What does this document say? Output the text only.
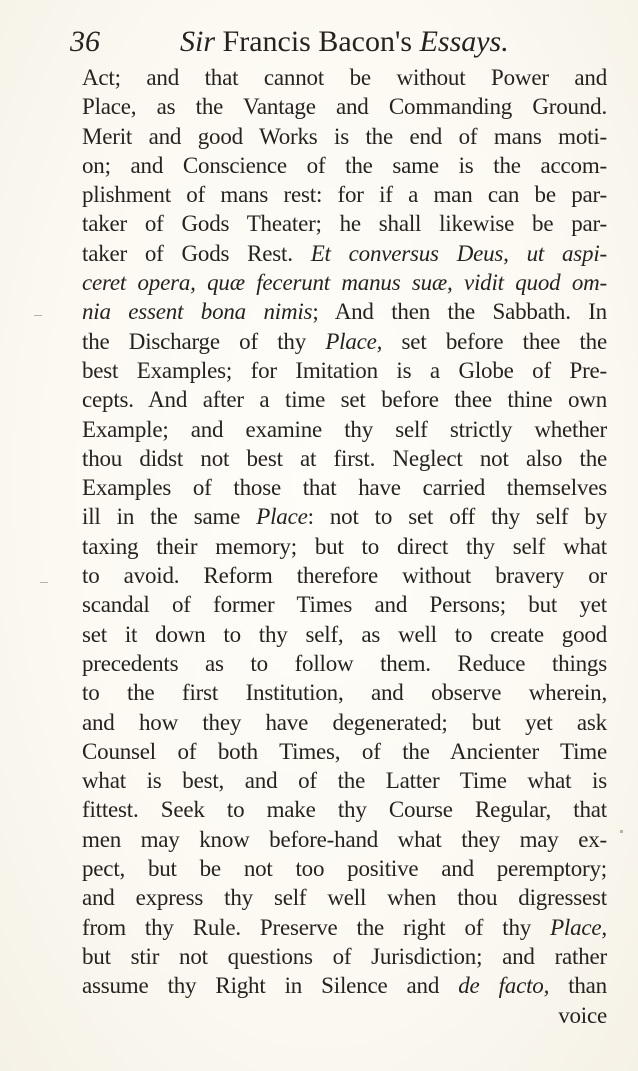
36	Sir Francis Bacon's Essays.
Act; and that cannot be without Power and
Place, as the Vantage and Commanding Ground.
Merit and good Works is the end of mans moti-
on; and Conscience of the same is the accom-
plishment of mans rest: for if a man can be par-
taker of Gods Theater; he shall likewise be par-
taker of Gods Rest. Et conversus Deus, ut aspi-
ceret opera, quæ fecerunt manus suæ, vidit quod om-
nia essent bona nimis; And then the Sabbath. In
the Discharge of thy Place, set before thee the
best Examples; for Imitation is a Globe of Pre-
cepts. And after a time set before thee thine own
Example; and examine thy self strictly whether
thou didst not best at first. Neglect not also the
Examples of those that have carried themselves
ill in the same Place: not to set off thy self by
taxing their memory; but to direct thy self what
to avoid. Reform therefore without bravery or
scandal of former Times and Persons; but yet
set it down to thy self, as well to create good
precedents as to follow them. Reduce things
to the first Institution, and observe wherein,
and how they have degenerated; but yet ask
Counsel of both Times, of the Ancienter Time
what is best, and of the Latter Time what is
fittest. Seek to make thy Course Regular, that
men may know before-hand what they may ex-
pect, but be not too positive and peremptory;
and express thy self well when thou digressest
from thy Rule. Preserve the right of thy Place,
but stir not questions of Jurisdiction; and rather
assume thy Right in Silence and de facto, than
voice
